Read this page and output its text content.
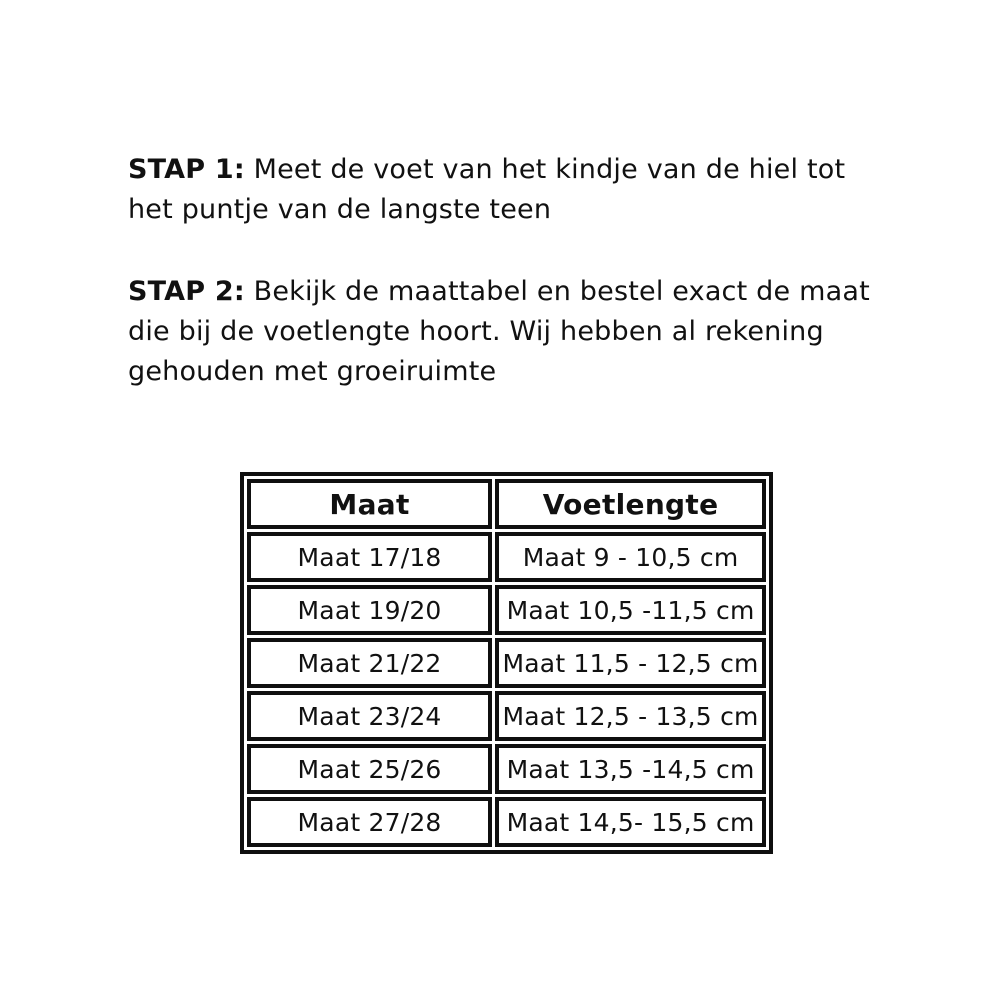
STAP 1: Meet de voet van het kindje van de hiel tot
het puntje van de langste teen

STAP 2: Bekijk de maattabel en bestel exact de maat
die bij de voetlengte hoort. Wij hebben al rekening
gehouden met groeiruimte

Maat	Voetlengte
Maat 17/18	Maat 9 - 10,5 cm
Maat 19/20	Maat 10,5 -11,5 cm
Maat 21/22	Maat 11,5 - 12,5 cm
Maat 23/24	Maat 12,5 - 13,5 cm
Maat 25/26	Maat 13,5 -14,5 cm
Maat 27/28	Maat 14,5- 15,5 cm
